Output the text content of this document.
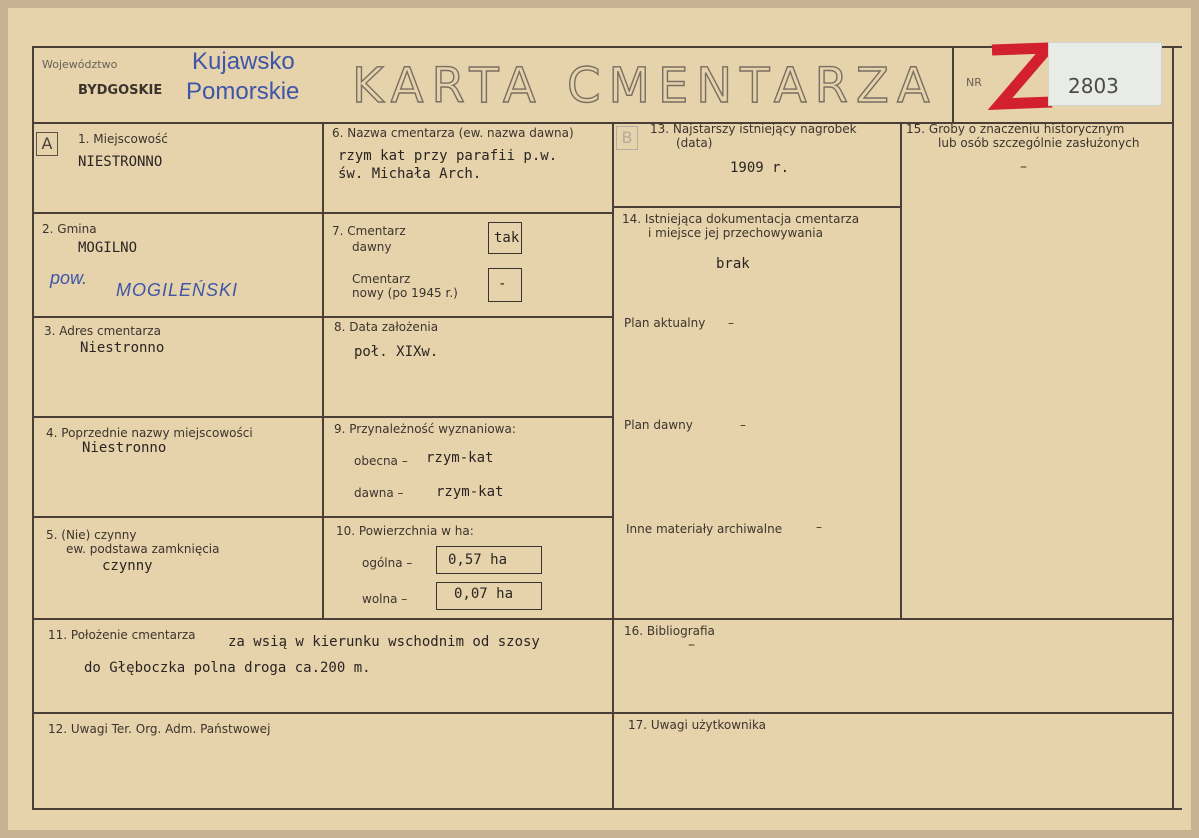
Województwo
BYDGOSKIE
Kujawsko
Pomorskie KARTA CMENTARZA	NR	2803
A	1. Miejscowość
NIESTRONNO
2. Gmina
MOGILNO
pow.
MOGILEŃSKI
3. Adres cmentarza
Niestronno
4. Poprzednie nazwy miejscowości
Niestronno
5. (Nie) czynny
ew. podstawa zamknięcia
czynny
6. Nazwa cmentarza (ew. nazwa dawna)
rzym kat przy parafii p.w.
św. Michała Arch.
7. Cmentarz
dawny
tak
Cmentarz
nowy (po 1945 r.)
-
8. Data założenia
poł. XIXw.
9. Przynależność wyznaniowa:
obecna – rzym-kat
dawna – rzym-kat
10. Powierzchnia w ha:
ogólna –	0,57 ha
wolna –	0,07 ha
B	13. Najstarszy istniejący nagrobek
(data)
1909 r.
14. Istniejąca dokumentacja cmentarza
i miejsce jej przechowywania
brak
Plan aktualny –
Plan dawny	–
Inne materiały archiwalne	–
15. Groby o znaczeniu historycznym
lub osób szczególnie zasłużonych
–
11. Położenie cmentarza za wsią w kierunku wschodnim od szosy
do Głęboczka polna droga ca.200 m.
16. Bibliografia
–
12. Uwagi Ter. Org. Adm. Państwowej	17. Uwagi użytkownika
